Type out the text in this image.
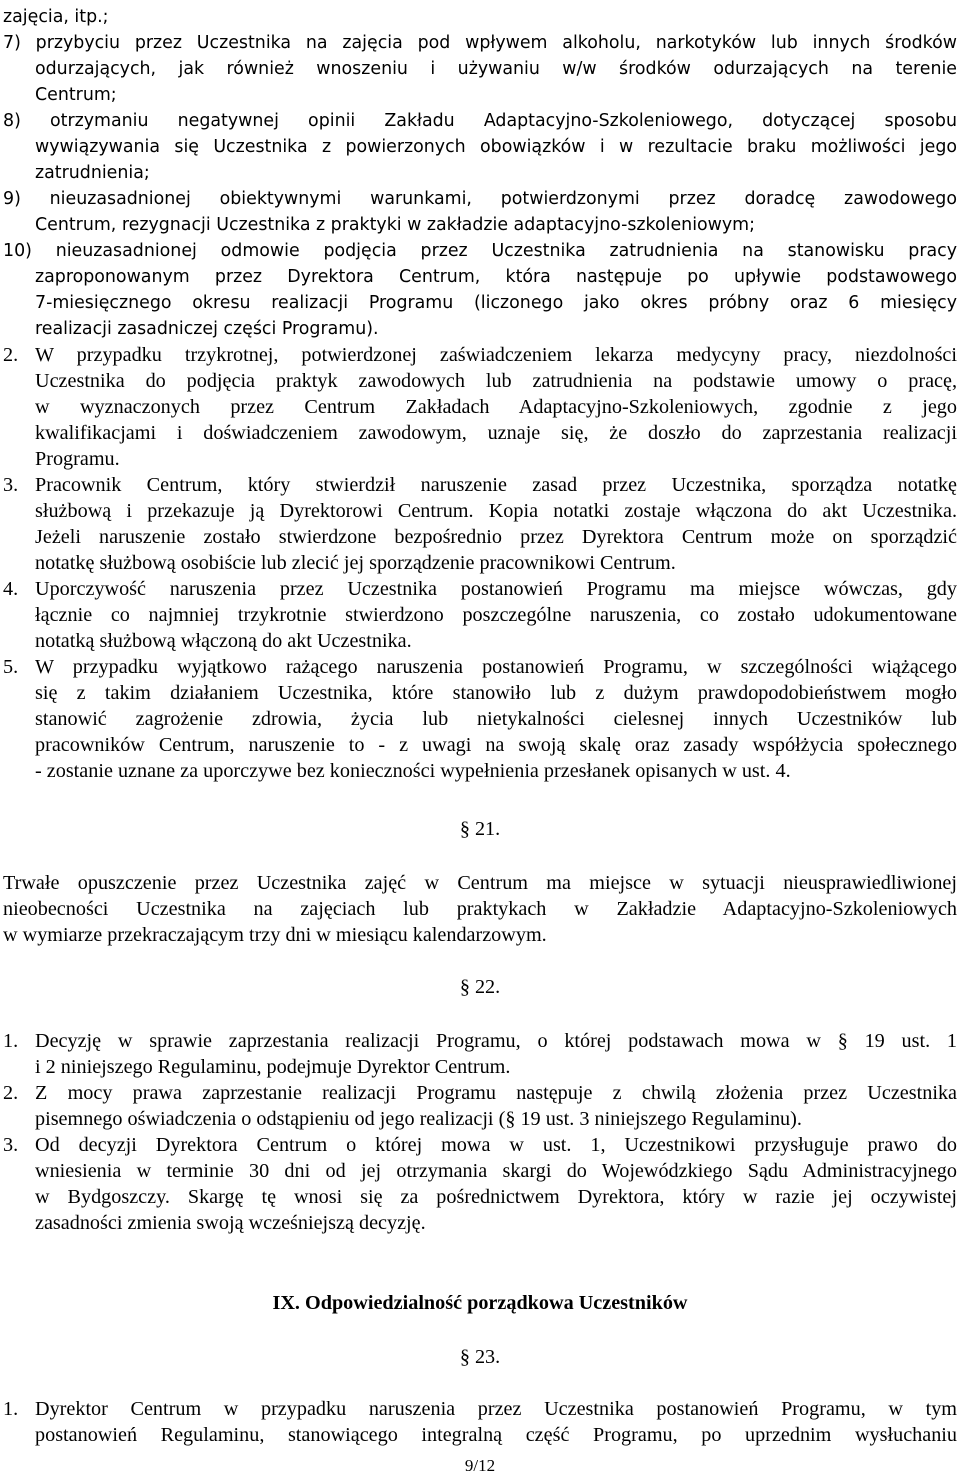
zajęcia, itp.;
7) przybyciu przez Uczestnika na zajęcia pod wpływem alkoholu, narkotyków lub innych środków
odurzających, jak również wnoszeniu i używaniu w/w środków odurzających na terenie
Centrum;
8) otrzymaniu negatywnej opinii Zakładu Adaptacyjno-Szkoleniowego, dotyczącej sposobu
wywiązywania się Uczestnika z powierzonych obowiązków i w rezultacie braku możliwości jego
zatrudnienia;
9) nieuzasadnionej obiektywnymi warunkami, potwierdzonymi przez doradcę zawodowego
Centrum, rezygnacji Uczestnika z praktyki w zakładzie adaptacyjno-szkoleniowym;
10) nieuzasadnionej odmowie podjęcia przez Uczestnika zatrudnienia na stanowisku pracy
zaproponowanym przez Dyrektora Centrum, która następuje po upływie podstawowego
7-miesięcznego okresu realizacji Programu (liczonego jako okres próbny oraz 6 miesięcy
realizacji zasadniczej części Programu).
2. W przypadku trzykrotnej, potwierdzonej zaświadczeniem lekarza medycyny pracy, niezdolności
Uczestnika do podjęcia praktyk zawodowych lub zatrudnienia na podstawie umowy o pracę,
w wyznaczonych przez Centrum Zakładach Adaptacyjno-Szkoleniowych, zgodnie z jego
kwalifikacjami i doświadczeniem zawodowym, uznaje się, że doszło do zaprzestania realizacji
Programu.
3. Pracownik Centrum, który stwierdził naruszenie zasad przez Uczestnika, sporządza notatkę
służbową i przekazuje ją Dyrektorowi Centrum. Kopia notatki zostaje włączona do akt Uczestnika.
Jeżeli naruszenie zostało stwierdzone bezpośrednio przez Dyrektora Centrum może on sporządzić
notatkę służbową osobiście lub zlecić jej sporządzenie pracownikowi Centrum.
4. Uporczywość naruszenia przez Uczestnika postanowień Programu ma miejsce wówczas, gdy
łącznie co najmniej trzykrotnie stwierdzono poszczególne naruszenia, co zostało udokumentowane
notatką służbową włączoną do akt Uczestnika.
5. W przypadku wyjątkowo rażącego naruszenia postanowień Programu, w szczególności wiążącego
się z takim działaniem Uczestnika, które stanowiło lub z dużym prawdopodobieństwem mogło
stanowić zagrożenie zdrowia, życia lub nietykalności cielesnej innych Uczestników lub
pracowników Centrum, naruszenie to - z uwagi na swoją skalę oraz zasady współżycia społecznego
- zostanie uznane za uporczywe bez konieczności wypełnienia przesłanek opisanych w ust. 4.
§ 21.
Trwałe opuszczenie przez Uczestnika zajęć w Centrum ma miejsce w sytuacji nieusprawiedliwionej
nieobecności Uczestnika na zajęciach lub praktykach w Zakładzie Adaptacyjno-Szkoleniowych
w wymiarze przekraczającym trzy dni w miesiącu kalendarzowym.
§ 22.
1. Decyzję w sprawie zaprzestania realizacji Programu, o której podstawach mowa w § 19 ust. 1
i 2 niniejszego Regulaminu, podejmuje Dyrektor Centrum.
2. Z mocy prawa zaprzestanie realizacji Programu następuje z chwilą złożenia przez Uczestnika
pisemnego oświadczenia o odstąpieniu od jego realizacji (§ 19 ust. 3 niniejszego Regulaminu).
3. Od decyzji Dyrektora Centrum o której mowa w ust. 1, Uczestnikowi przysługuje prawo do
wniesienia w terminie 30 dni od jej otrzymania skargi do Wojewódzkiego Sądu Administracyjnego
w Bydgoszczy. Skargę tę wnosi się za pośrednictwem Dyrektora, który w razie jej oczywistej
zasadności zmienia swoją wcześniejszą decyzję.
IX. Odpowiedzialność porządkowa Uczestników
§ 23.
1. Dyrektor Centrum w przypadku naruszenia przez Uczestnika postanowień Programu, w tym
postanowień Regulaminu, stanowiącego integralną część Programu, po uprzednim wysłuchaniu
9/12
